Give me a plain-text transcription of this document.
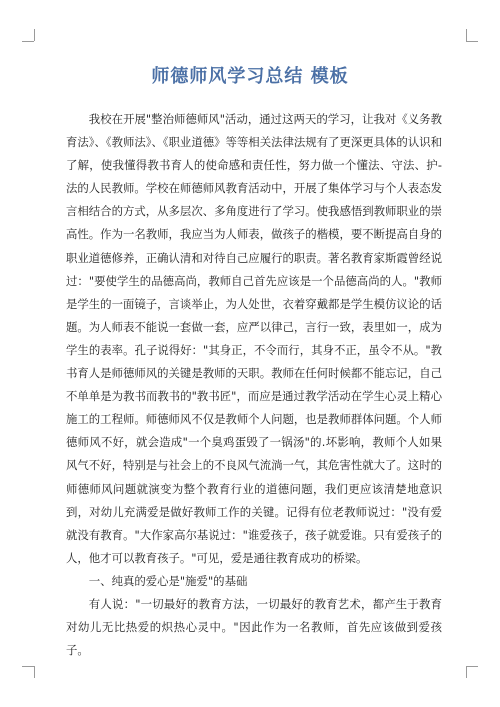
师德师风学习总结 模板

我校在开展"整治师德师风"活动，通过这两天的学习，让我对《义务教育法》、《教师法》、《职业道德》等等相关法律法规有了更深更具体的认识和了解，使我懂得教书育人的使命感和责任性，努力做一个懂法、守法、护-法的人民教师。学校在师德师风教育活动中，开展了集体学习与个人表态发言相结合的方式，从多层次、多角度进行了学习。使我感悟到教师职业的崇高性。作为一名教师，我应当为人师表，做孩子的楷模，要不断提高自身的职业道德修养，正确认清和对待自己应履行的职责。著名教育家斯霞曾经说过："要使学生的品德高尚，教师自己首先应该是一个品德高尚的人。"教师是学生的一面镜子，言谈举止，为人处世，衣着穿戴都是学生模仿议论的话题。为人师表不能说一套做一套，应严以律己，言行一致，表里如一，成为学生的表率。孔子说得好："其身正，不令而行，其身不正，虽令不从。"教书育人是师德师风的关键是教师的天职。教师在任何时候都不能忘记，自己不单单是为教书而教书的"教书匠"，而应是通过教学活动在学生心灵上精心施工的工程师。师德师风不仅是教师个人问题，也是教师群体问题。个人师德师风不好，就会造成"一个臭鸡蛋毁了一锅汤"的.坏影响，教师个人如果风气不好，特别是与社会上的不良风气流淌一气，其危害性就大了。这时的师德师风问题就演变为整个教育行业的道德问题，我们更应该清楚地意识到，对幼儿充满爱是做好教师工作的关键。记得有位老教师说过："没有爱就没有教育。"大作家高尔基说过："谁爱孩子，孩子就爱谁。只有爱孩子的人，他才可以教育孩子。"可见，爱是通往教育成功的桥梁。

一、纯真的爱心是"施爱"的基础

有人说："一切最好的教育方法，一切最好的教育艺术，都产生于教育对幼儿无比热爱的炽热心灵中。"因此作为一名教师，首先应该做到爱孩子。
